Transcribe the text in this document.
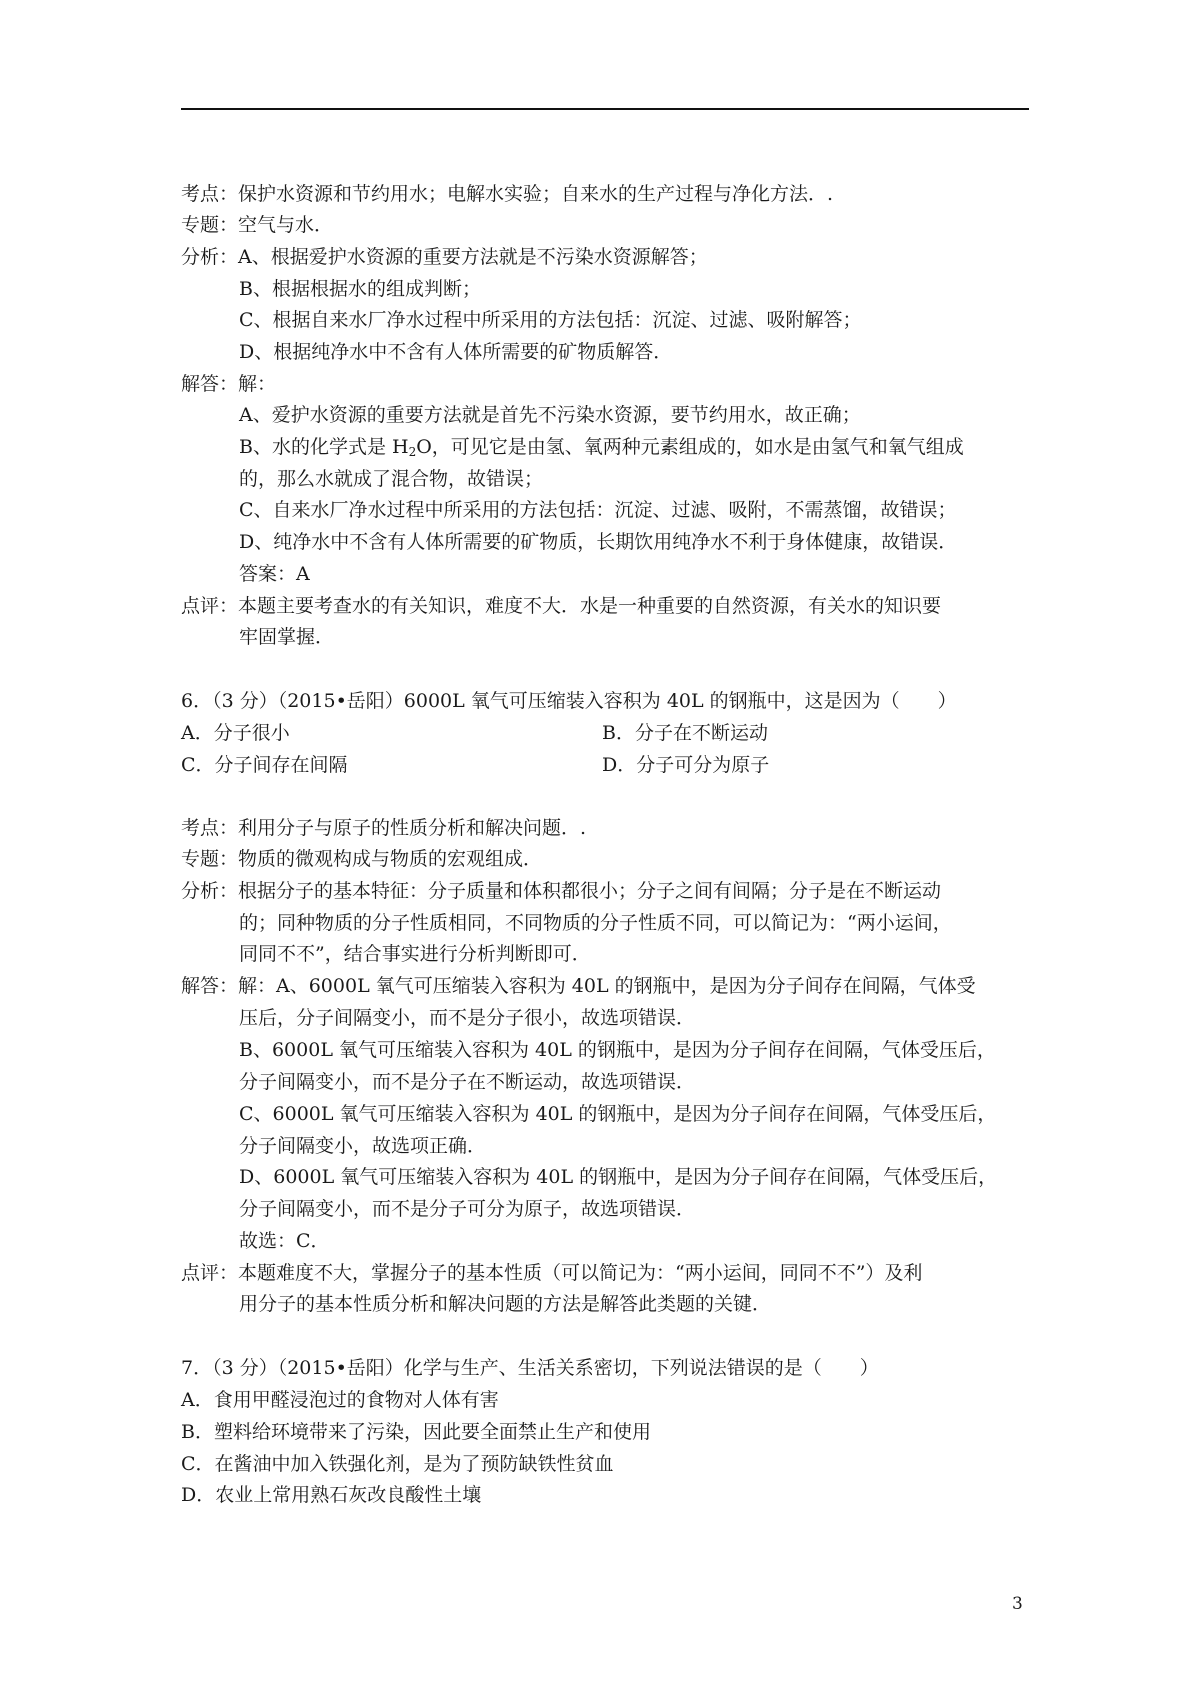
考点：保护水资源和节约用水；电解水实验；自来水的生产过程与净化方法．.
专题：空气与水．
分析：A、根据爱护水资源的重要方法就是不污染水资源解答；
B、根据根据水的组成判断；
C、根据自来水厂净水过程中所采用的方法包括：沉淀、过滤、吸附解答；
D、根据纯净水中不含有人体所需要的矿物质解答．
解答：解：
A、爱护水资源的重要方法就是首先不污染水资源，要节约用水，故正确；
B、水的化学式是 $H_2O$，可见它是由氢、氧两种元素组成的，如水是由氢气和氧气组成
的，那么水就成了混合物，故错误；
C、自来水厂净水过程中所采用的方法包括：沉淀、过滤、吸附，不需蒸馏，故错误；
D、纯净水中不含有人体所需要的矿物质，长期饮用纯净水不利于身体健康，故错误．
答案：A
点评：本题主要考查水的有关知识，难度不大．水是一种重要的自然资源，有关水的知识要
牢固掌握．
6．（3 分）（2015•岳阳）6000L 氧气可压缩装入容积为 40L 的钢瓶中，这是因为（　　）
A．分子很小	B．分子在不断运动
C．分子间存在间隔	D．分子可分为原子
考点：利用分子与原子的性质分析和解决问题．.
专题：物质的微观构成与物质的宏观组成．
分析：根据分子的基本特征：分子质量和体积都很小；分子之间有间隔；分子是在不断运动
的；同种物质的分子性质相同，不同物质的分子性质不同，可以简记为：“两小运间，
同同不不”，结合事实进行分析判断即可．
解答：解：A、6000L 氧气可压缩装入容积为 40L 的钢瓶中，是因为分子间存在间隔，气体受
压后，分子间隔变小，而不是分子很小，故选项错误．
B、6000L 氧气可压缩装入容积为 40L 的钢瓶中，是因为分子间存在间隔，气体受压后，
分子间隔变小，而不是分子在不断运动，故选项错误．
C、6000L 氧气可压缩装入容积为 40L 的钢瓶中，是因为分子间存在间隔，气体受压后，
分子间隔变小，故选项正确．
D、6000L 氧气可压缩装入容积为 40L 的钢瓶中，是因为分子间存在间隔，气体受压后，
分子间隔变小，而不是分子可分为原子，故选项错误．
故选：C．
点评：本题难度不大，掌握分子的基本性质（可以简记为：“两小运间，同同不不”）及利
用分子的基本性质分析和解决问题的方法是解答此类题的关键．
7．（3 分）（2015•岳阳）化学与生产、生活关系密切，下列说法错误的是（　　）
A．食用甲醛浸泡过的食物对人体有害
B．塑料给环境带来了污染，因此要全面禁止生产和使用
C．在酱油中加入铁强化剂，是为了预防缺铁性贫血
D．农业上常用熟石灰改良酸性土壤
3
